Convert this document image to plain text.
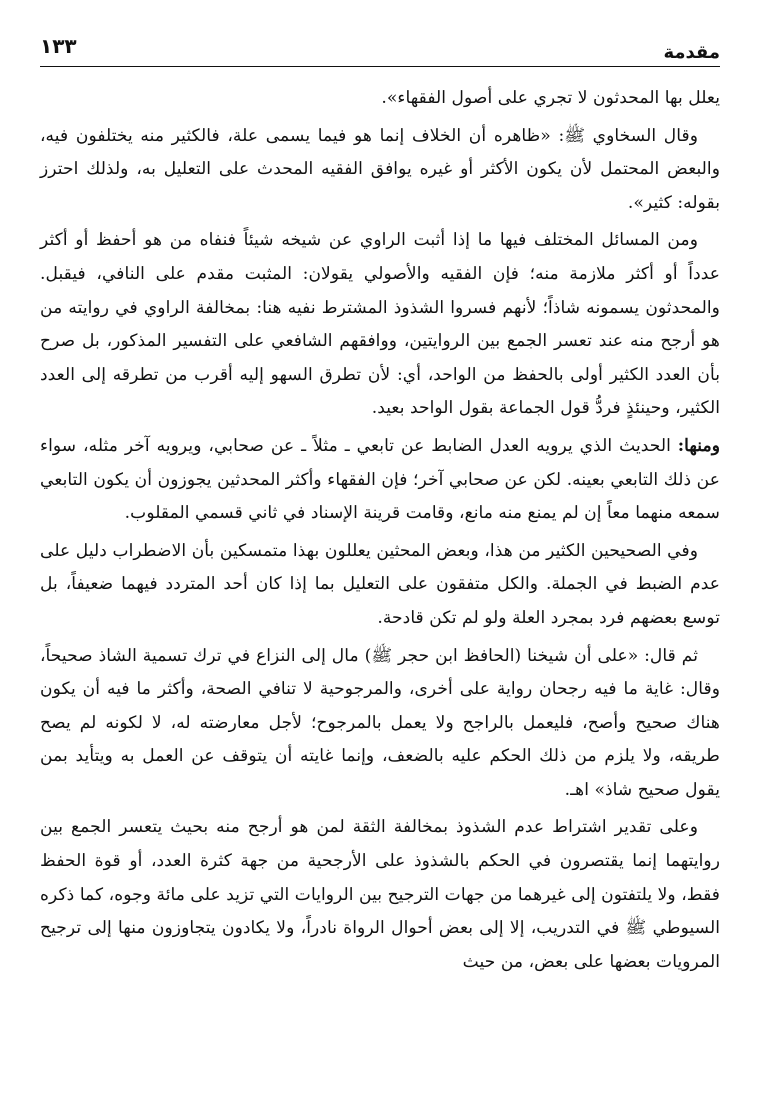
مقدمة
١٣٣

يعلل بها المحدثون لا تجري على أصول الفقهاء».

وقال السخاوي ﷺ: «ظاهره أن الخلاف إنما هو فيما يسمى علة، فالكثير منه يختلفون فيه، والبعض المحتمل لأن يكون الأكثر أو غيره يوافق الفقيه المحدث على التعليل به، ولذلك احترز بقوله: كثير».

ومن المسائل المختلف فيها ما إذا أثبت الراوي عن شيخه شيئاً فنفاه من هو أحفظ أو أكثر عدداً أو أكثر ملازمة منه؛ فإن الفقيه والأصولي يقولان: المثبت مقدم على النافي، فيقبل. والمحدثون يسمونه شاذاً؛ لأنهم فسروا الشذوذ المشترط نفيه هنا: بمخالفة الراوي في روايته من هو أرجح منه عند تعسر الجمع بين الروايتين، ووافقهم الشافعي على التفسير المذكور، بل صرح بأن العدد الكثير أولى بالحفظ من الواحد، أي: لأن تطرق السهو إليه أقرب من تطرقه إلى العدد الكثير، وحينئذٍ فردُّ قول الجماعة بقول الواحد بعيد.

ومنها: الحديث الذي يرويه العدل الضابط عن تابعي ـ مثلاً ـ عن صحابي، ويرويه آخر مثله، سواء عن ذلك التابعي بعينه. لكن عن صحابي آخر؛ فإن الفقهاء وأكثر المحدثين يجوزون أن يكون التابعي سمعه منهما معاً إن لم يمنع منه مانع، وقامت قرينة الإسناد في ثاني قسمي المقلوب.

وفي الصحيحين الكثير من هذا، وبعض المحثين يعللون بهذا متمسكين بأن الاضطراب دليل على عدم الضبط في الجملة. والكل متفقون على التعليل بما إذا كان أحد المتردد فيهما ضعيفاً، بل توسع بعضهم فرد بمجرد العلة ولو لم تكن قادحة.

ثم قال: «على أن شيخنا (الحافظ ابن حجر ﷺ) مال إلى النزاع في ترك تسمية الشاذ صحيحاً، وقال: غاية ما فيه رجحان رواية على أخرى، والمرجوحية لا تنافي الصحة، وأكثر ما فيه أن يكون هناك صحيح وأصح، فليعمل بالراجح ولا يعمل بالمرجوح؛ لأجل معارضته له، لا لكونه لم يصح طريقه، ولا يلزم من ذلك الحكم عليه بالضعف، وإنما غايته أن يتوقف عن العمل به ويتأيد بمن يقول صحيح شاذ» اهـ.

وعلى تقدير اشتراط عدم الشذوذ بمخالفة الثقة لمن هو أرجح منه بحيث يتعسر الجمع بين روايتهما إنما يقتصرون في الحكم بالشذوذ على الأرجحية من جهة كثرة العدد، أو قوة الحفظ فقط، ولا يلتفتون إلى غيرهما من جهات الترجيح بين الروايات التي تزيد على مائة وجوه، كما ذكره السيوطي ﷺ في التدريب، إلا إلى بعض أحوال الرواة نادراً، ولا يكادون يتجاوزون منها إلى ترجيح المرويات بعضها على بعض، من حيث
